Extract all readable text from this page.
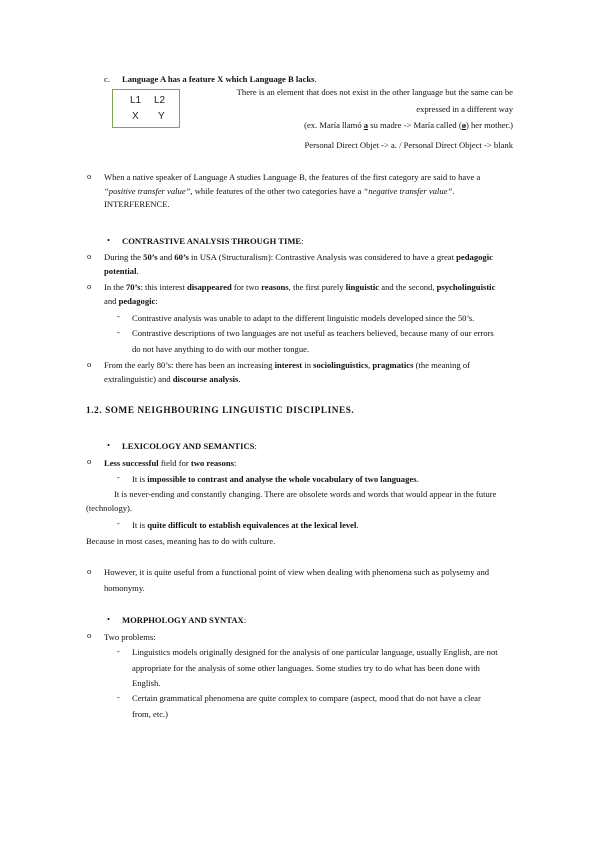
c. Language A has a feature X which Language B lacks.
L1 L2
X Y
There is an element that does not exist in the other language but the same can be
expressed in a different way
(ex. María llamó a su madre -> María called (ø) her mother.)
Personal Direct Objet -> a. / Personal Direct Object -> blank
o When a native speaker of Language A studies Language B, the features of the first category are said to have a
“positive transfer value”, while features of the other two categories have a “negative transfer value”.
INTERFERENCE.
• CONTRASTIVE ANALYSIS THROUGH TIME:
o During the 50’s and 60’s in USA (Structuralism): Contrastive Analysis was considered to have a great pedagogic
potential.
o In the 70’s: this interest disappeared for two reasons, the first purely linguistic and the second, psycholinguistic
and pedagogic:
- Contrastive analysis was unable to adapt to the different linguistic models developed since the 50’s.
- Contrastive descriptions of two languages are not useful as teachers believed, because many of our errors
do not have anything to do with our mother tongue.
o From the early 80’s: there has been an increasing interest in sociolinguistics, pragmatics (the meaning of
extralinguistic) and discourse analysis.
1.2. SOME NEIGHBOURING LINGUISTIC DISCIPLINES.
• LEXICOLOGY AND SEMANTICS:
o Less successful field for two reasons:
- It is impossible to contrast and analyse the whole vocabulary of two languages.
It is never-ending and constantly changing. There are obsolete words and words that would appear in the future
(technology).
- It is quite difficult to establish equivalences at the lexical level.
Because in most cases, meaning has to do with culture.
o However, it is quite useful from a functional point of view when dealing with phenomena such as polysemy and
homonymy.
• MORPHOLOGY AND SYNTAX:
o Two problems:
- Linguistics models originally designed for the analysis of one particular language, usually English, are not
appropriate for the analysis of some other languages. Some studies try to do what has been done with
English.
- Certain grammatical phenomena are quite complex to compare (aspect, mood that do not have a clear
from, etc.)
